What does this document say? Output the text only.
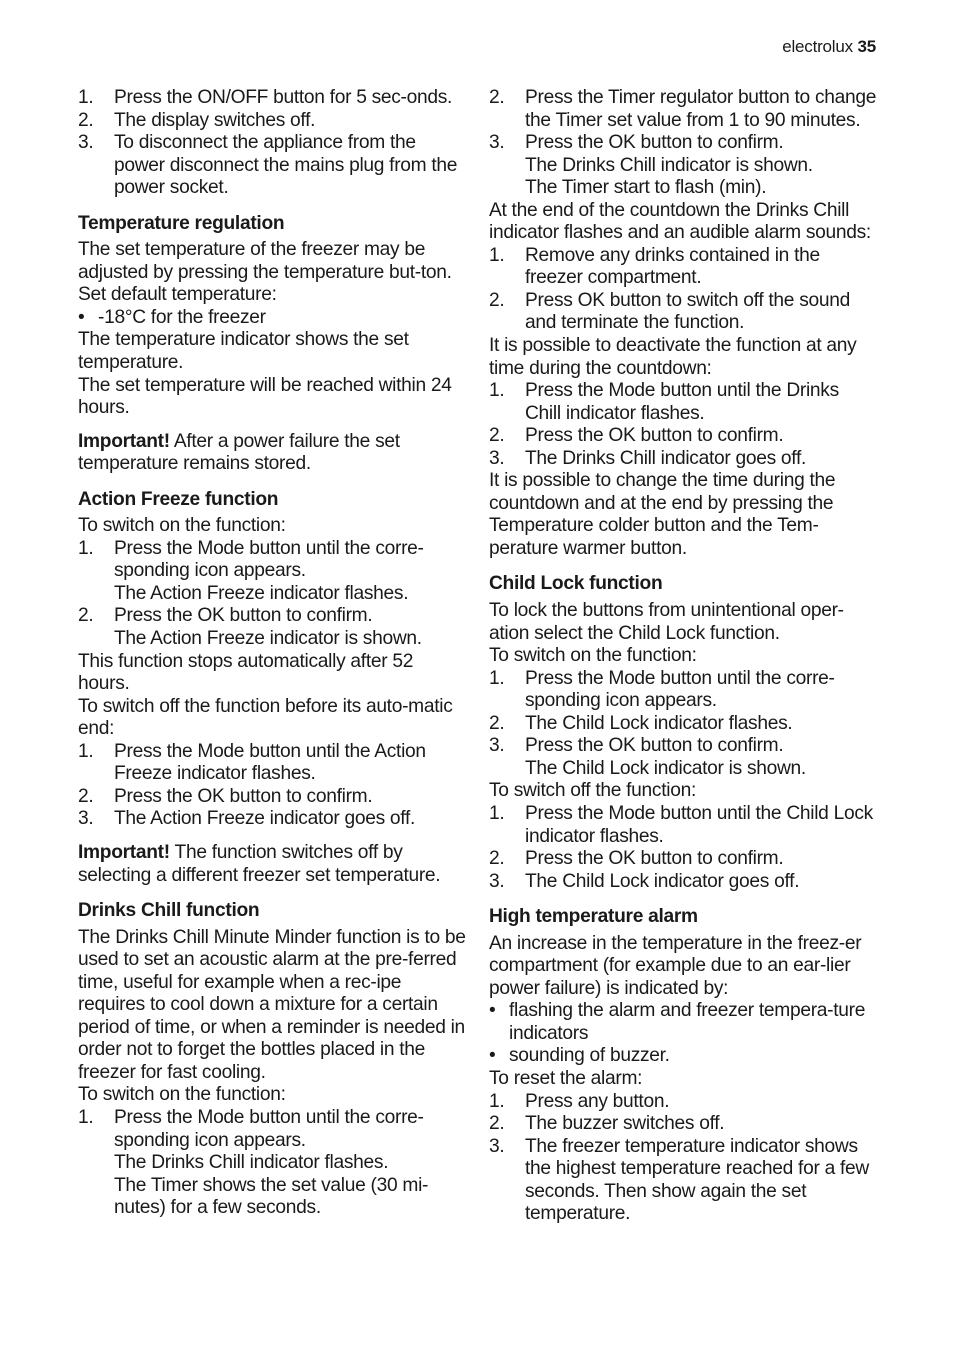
electrolux 35
1. Press the ON/OFF button for 5 sec-onds.
2. The display switches off.
3. To disconnect the appliance from the power disconnect the mains plug from the power socket.
Temperature regulation
The set temperature of the freezer may be adjusted by pressing the temperature but-ton.
Set default temperature:
• -18°C for the freezer
The temperature indicator shows the set temperature.
The set temperature will be reached within 24 hours.
Important! After a power failure the set temperature remains stored.
Action Freeze function
To switch on the function:
1. Press the Mode button until the corre-sponding icon appears.
The Action Freeze indicator flashes.
2. Press the OK button to confirm.
The Action Freeze indicator is shown.
This function stops automatically after 52 hours.
To switch off the function before its auto-matic end:
1. Press the Mode button until the Action Freeze indicator flashes.
2. Press the OK button to confirm.
3. The Action Freeze indicator goes off.
Important! The function switches off by selecting a different freezer set temperature.
Drinks Chill function
The Drinks Chill Minute Minder function is to be used to set an acoustic alarm at the pre-ferred time, useful for example when a rec-ipe requires to cool down a mixture for a certain period of time, or when a reminder is needed in order not to forget the bottles placed in the freezer for fast cooling.
To switch on the function:
1. Press the Mode button until the corre-sponding icon appears.
The Drinks Chill indicator flashes.
The Timer shows the set value (30 mi-nutes) for a few seconds.
2. Press the Timer regulator button to change the Timer set value from 1 to 90 minutes.
3. Press the OK button to confirm.
The Drinks Chill indicator is shown.
The Timer start to flash (min).
At the end of the countdown the Drinks Chill indicator flashes and an audible alarm sounds:
1. Remove any drinks contained in the freezer compartment.
2. Press OK button to switch off the sound and terminate the function.
It is possible to deactivate the function at any time during the countdown:
1. Press the Mode button until the Drinks Chill indicator flashes.
2. Press the OK button to confirm.
3. The Drinks Chill indicator goes off.
It is possible to change the time during the countdown and at the end by pressing the Temperature colder button and the Tem-perature warmer button.
Child Lock function
To lock the buttons from unintentional oper-ation select the Child Lock function.
To switch on the function:
1. Press the Mode button until the corre-sponding icon appears.
2. The Child Lock indicator flashes.
3. Press the OK button to confirm.
The Child Lock indicator is shown.
To switch off the function:
1. Press the Mode button until the Child Lock indicator flashes.
2. Press the OK button to confirm.
3. The Child Lock indicator goes off.
High temperature alarm
An increase in the temperature in the freez-er compartment (for example due to an ear-lier power failure) is indicated by:
• flashing the alarm and freezer tempera-ture indicators
• sounding of buzzer.
To reset the alarm:
1. Press any button.
2. The buzzer switches off.
3. The freezer temperature indicator shows the highest temperature reached for a few seconds. Then show again the set temperature.
